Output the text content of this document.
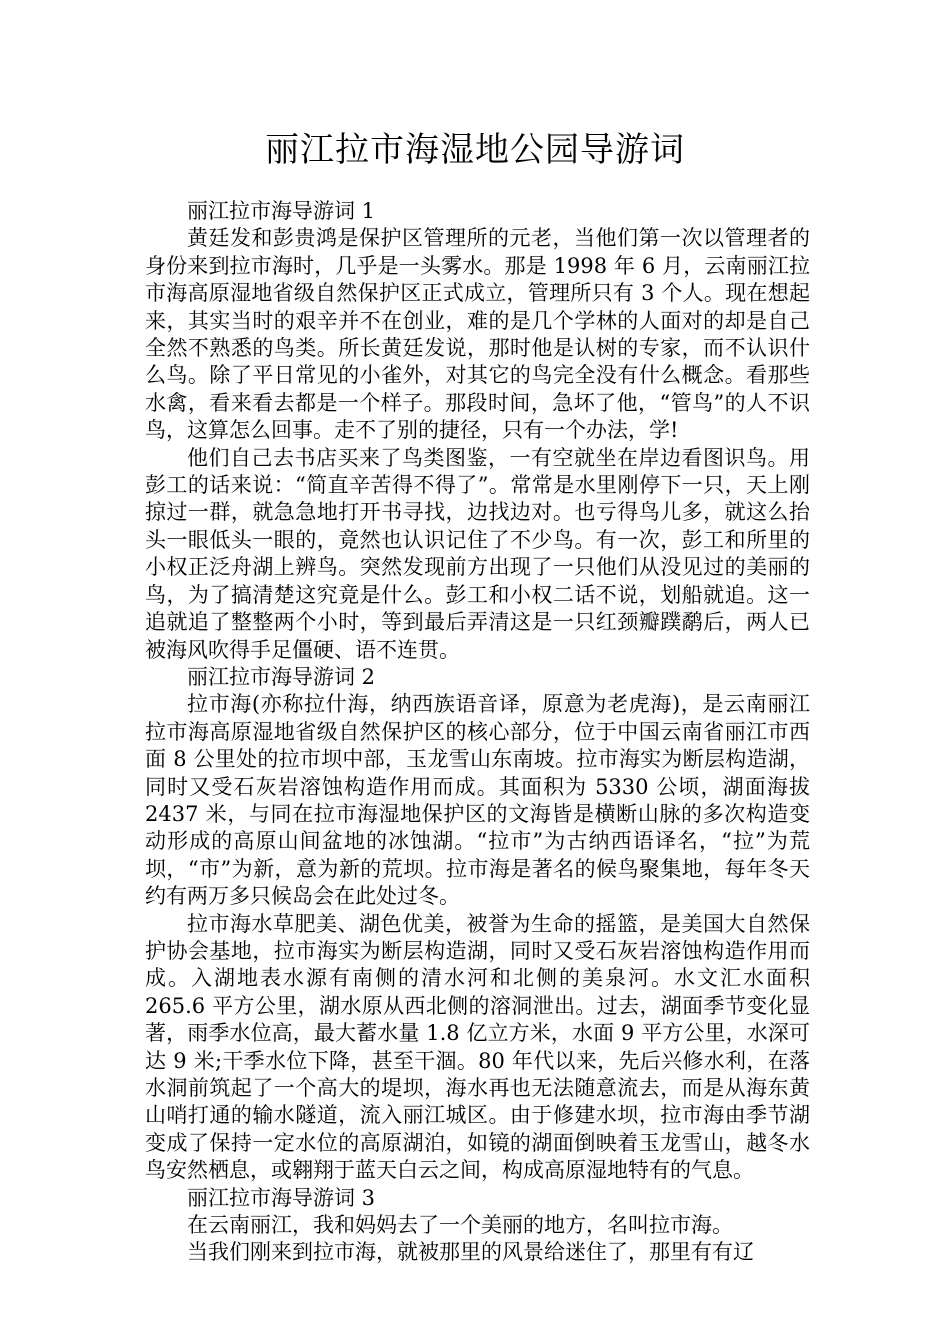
丽江拉市海湿地公园导游词

丽江拉市海导游词 1

黄廷发和彭贵鸿是保护区管理所的元老，当他们第一次以管理者的身份来到拉市海时，几乎是一头雾水。那是 1998 年 6 月，云南丽江拉市海高原湿地省级自然保护区正式成立，管理所只有 3 个人。现在想起来，其实当时的艰辛并不在创业，难的是几个学林的人面对的却是自己全然不熟悉的鸟类。所长黄廷发说，那时他是认树的专家，而不认识什么鸟。除了平日常见的小雀外，对其它的鸟完全没有什么概念。看那些水禽，看来看去都是一个样子。那段时间，急坏了他，“管鸟”的人不识鸟，这算怎么回事。走不了别的捷径，只有一个办法，学!

他们自己去书店买来了鸟类图鉴，一有空就坐在岸边看图识鸟。用彭工的话来说：“简直辛苦得不得了”。常常是水里刚停下一只，天上刚掠过一群，就急急地打开书寻找，边找边对。也亏得鸟儿多，就这么抬头一眼低头一眼的，竟然也认识记住了不少鸟。有一次，彭工和所里的小权正泛舟湖上辨鸟。突然发现前方出现了一只他们从没见过的美丽的鸟，为了搞清楚这究竟是什么。彭工和小权二话不说，划船就追。这一追就追了整整两个小时，等到最后弄清这是一只红颈瓣蹼鹬后，两人已被海风吹得手足僵硬、语不连贯。

丽江拉市海导游词 2

拉市海(亦称拉什海，纳西族语音译，原意为老虎海)，是云南丽江拉市海高原湿地省级自然保护区的核心部分，位于中国云南省丽江市西面 8 公里处的拉市坝中部，玉龙雪山东南坡。拉市海实为断层构造湖，同时又受石灰岩溶蚀构造作用而成。其面积为 5330 公顷，湖面海拔 2437 米，与同在拉市海湿地保护区的文海皆是横断山脉的多次构造变动形成的高原山间盆地的冰蚀湖。“拉市”为古纳西语译名，“拉”为荒坝，“市”为新，意为新的荒坝。拉市海是著名的候鸟聚集地，每年冬天约有两万多只候岛会在此处过冬。

拉市海水草肥美、湖色优美，被誉为生命的摇篮，是美国大自然保护协会基地，拉市海实为断层构造湖，同时又受石灰岩溶蚀构造作用而成。入湖地表水源有南侧的清水河和北侧的美泉河。水文汇水面积 265.6 平方公里，湖水原从西北侧的溶洞泄出。过去，湖面季节变化显著，雨季水位高，最大蓄水量 1.8 亿立方米，水面 9 平方公里，水深可达 9 米;干季水位下降，甚至干涸。80 年代以来，先后兴修水利，在落水洞前筑起了一个高大的堤坝，海水再也无法随意流去，而是从海东黄山哨打通的输水隧道，流入丽江城区。由于修建水坝，拉市海由季节湖变成了保持一定水位的高原湖泊，如镜的湖面倒映着玉龙雪山，越冬水鸟安然栖息，或翱翔于蓝天白云之间，构成高原湿地特有的气息。

丽江拉市海导游词 3

在云南丽江，我和妈妈去了一个美丽的地方，名叫拉市海。

当我们刚来到拉市海，就被那里的风景给迷住了，那里有有辽
